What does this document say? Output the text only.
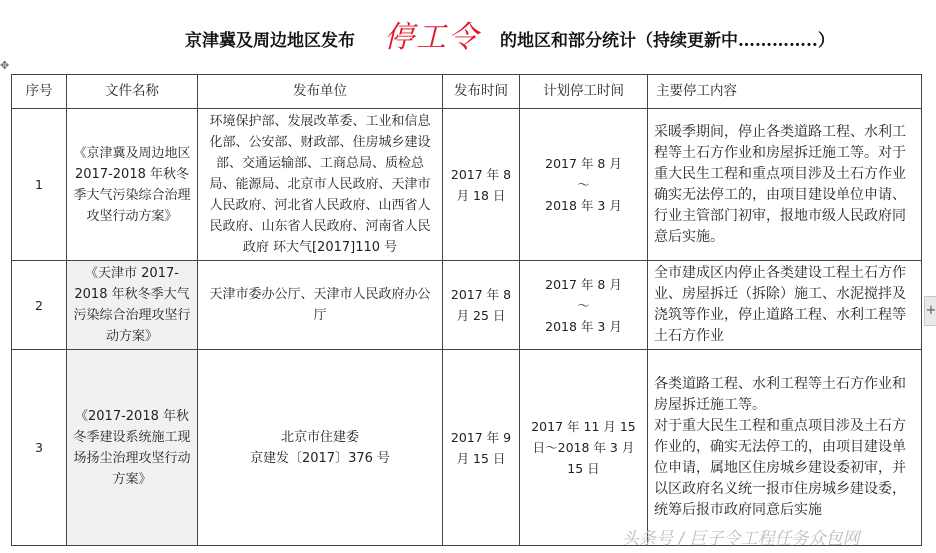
京津冀及周边地区发布 停工令 的地区和部分统计（持续更新中…………..）
✥
序号	文件名称	发布单位	发布时间	计划停工时间	主要停工内容
1	《京津冀及周边地区 2017-2018 年秋冬季大气污染综合治理攻坚行动方案》	环境保护部、发展改革委、工业和信息化部、公安部、财政部、住房城乡建设部、交通运输部、工商总局、质检总局、能源局、北京市人民政府、天津市人民政府、河北省人民政府、山西省人民政府、山东省人民政府、河南省人民政府 环大气[2017]110 号	2017 年 8 月 18 日	2017 年 8 月
～
2018 年 3 月	采暖季期间，停止各类道路工程、水利工程等土石方作业和房屋拆迁施工等。对于重大民生工程和重点项目涉及土石方作业确实无法停工的，由项目建设单位申请、行业主管部门初审，报地市级人民政府同意后实施。
2	《天津市 2017-2018 年秋冬季大气污染综合治理攻坚行动方案》	天津市委办公厅、天津市人民政府办公厅	2017 年 8 月 25 日	2017 年 8 月
～
2018 年 3 月	全市建成区内停止各类建设工程土石方作业、房屋拆迁（拆除）施工、水泥搅拌及浇筑等作业，停止道路工程、水利工程等土石方作业
3	《2017-2018 年秋冬季建设系统施工现场扬尘治理攻坚行动方案》	北京市住建委
京建发〔2017〕376 号	2017 年 9 月 15 日	2017 年 11 月 15 日～2018 年 3 月 15 日	各类道路工程、水利工程等土石方作业和房屋拆迁施工等。
对于重大民生工程和重点项目涉及土石方作业的，确实无法停工的，由项目建设单位申请，属地区住房城乡建设委初审，并以区政府名义统一报市住房城乡建设委，统筹后报市政府同意后实施
+
头条号 / 巨子令工程任务众包网
